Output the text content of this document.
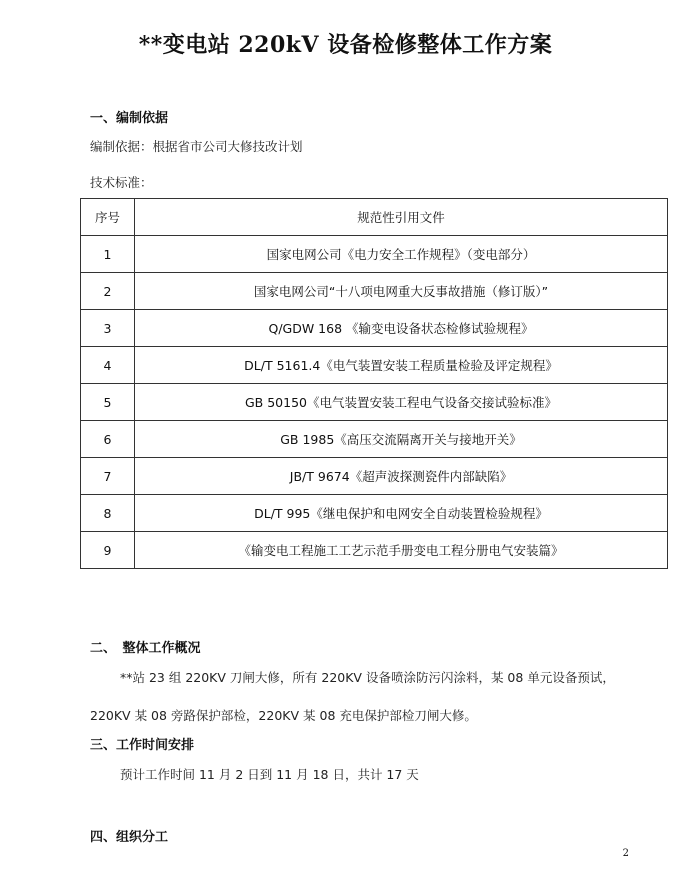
**变电站 220kV 设备检修整体工作方案
一、编制依据
编制依据：根据省市公司大修技改计划
技术标准：
序号	规范性引用文件
1	国家电网公司《电力安全工作规程》（变电部分）
2	国家电网公司“十八项电网重大反事故措施（修订版）”
3	Q/GDW 168 《输变电设备状态检修试验规程》
4	DL/T 5161.4《电气装置安装工程质量检验及评定规程》
5	GB 50150《电气装置安装工程电气设备交接试验标准》
6	GB 1985《高压交流隔离开关与接地开关》
7	JB/T 9674《超声波探测瓷件内部缺陷》
8	DL/T 995《继电保护和电网安全自动装置检验规程》
9	《输变电工程施工工艺示范手册变电工程分册电气安装篇》
二、　整体工作概况
**站 23 组 220KV 刀闸大修，所有 220KV 设备喷涂防污闪涂料，某 08 单元设备预试，
220KV 某 08 旁路保护部检，220KV 某 08 充电保护部检刀闸大修。
三、工作时间安排
预计工作时间 11 月 2 日到 11 月 18 日，共计 17 天
四、组织分工
2
